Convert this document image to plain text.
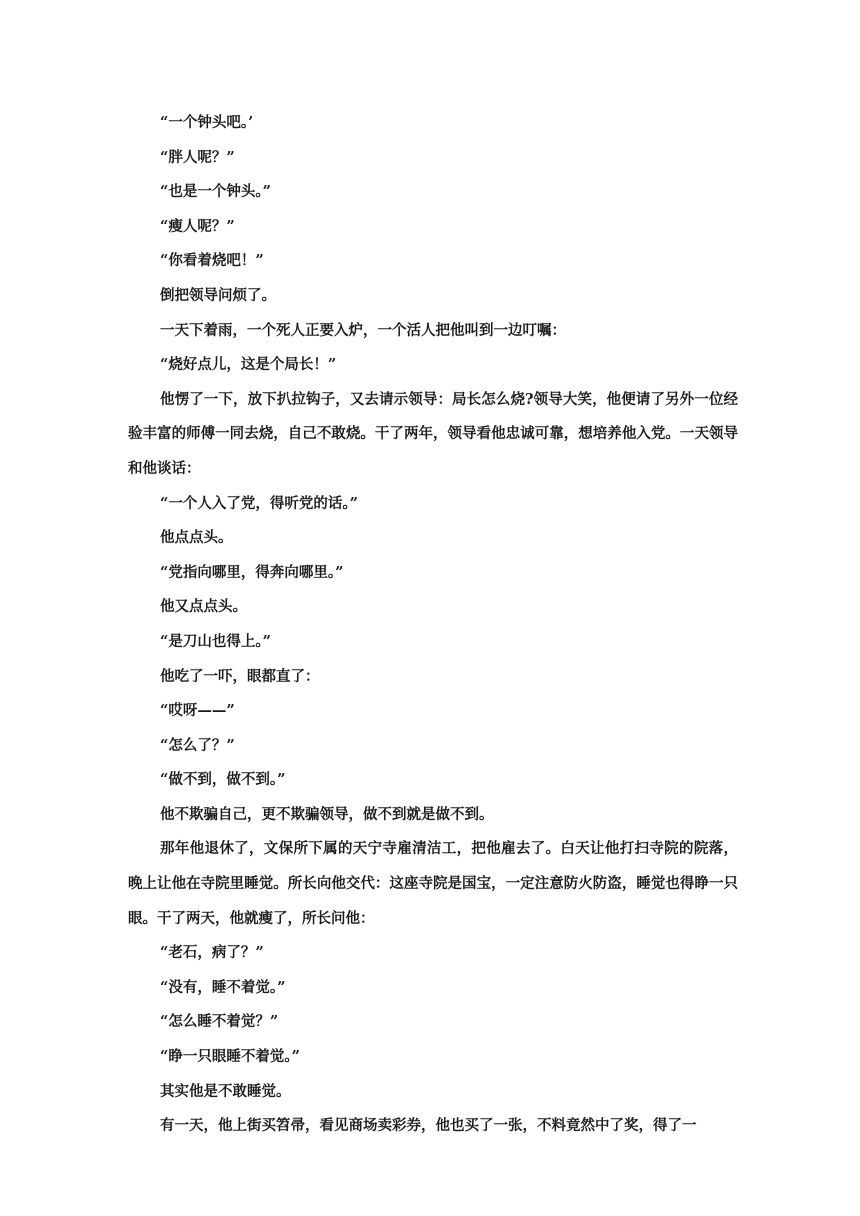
“一个钟头吧。’

“胖人呢？”

“也是一个钟头。”

“瘦人呢？”

“你看着烧吧！”

倒把领导问烦了。

一天下着雨，一个死人正要入炉，一个活人把他叫到一边叮嘱：

“烧好点儿，这是个局长！”

他愣了一下，放下扒拉钩子，又去请示领导：局长怎么烧?领导大笑，他便请了另外一位经验丰富的师傅一同去烧，自己不敢烧。干了两年，领导看他忠诚可靠，想培养他入党。一天领导和他谈话：

“一个人入了党，得听党的话。”

他点点头。

“党指向哪里，得奔向哪里。”

他又点点头。

“是刀山也得上。”

他吃了一吓，眼都直了：

“哎呀——”

“怎么了？”

“做不到，做不到。”

他不欺骗自己，更不欺骗领导，做不到就是做不到。

那年他退休了，文保所下属的天宁寺雇清洁工，把他雇去了。白天让他打扫寺院的院落，晚上让他在寺院里睡觉。所长向他交代：这座寺院是国宝，一定注意防火防盗，睡觉也得睁一只眼。干了两天，他就瘦了，所长问他：

“老石，病了？”

“没有，睡不着觉。”

“怎么睡不着觉？”

“睁一只眼睡不着觉。”

其实他是不敢睡觉。

有一天，他上街买笤帚，看见商场卖彩券，他也买了一张，不料竟然中了奖，得了一
